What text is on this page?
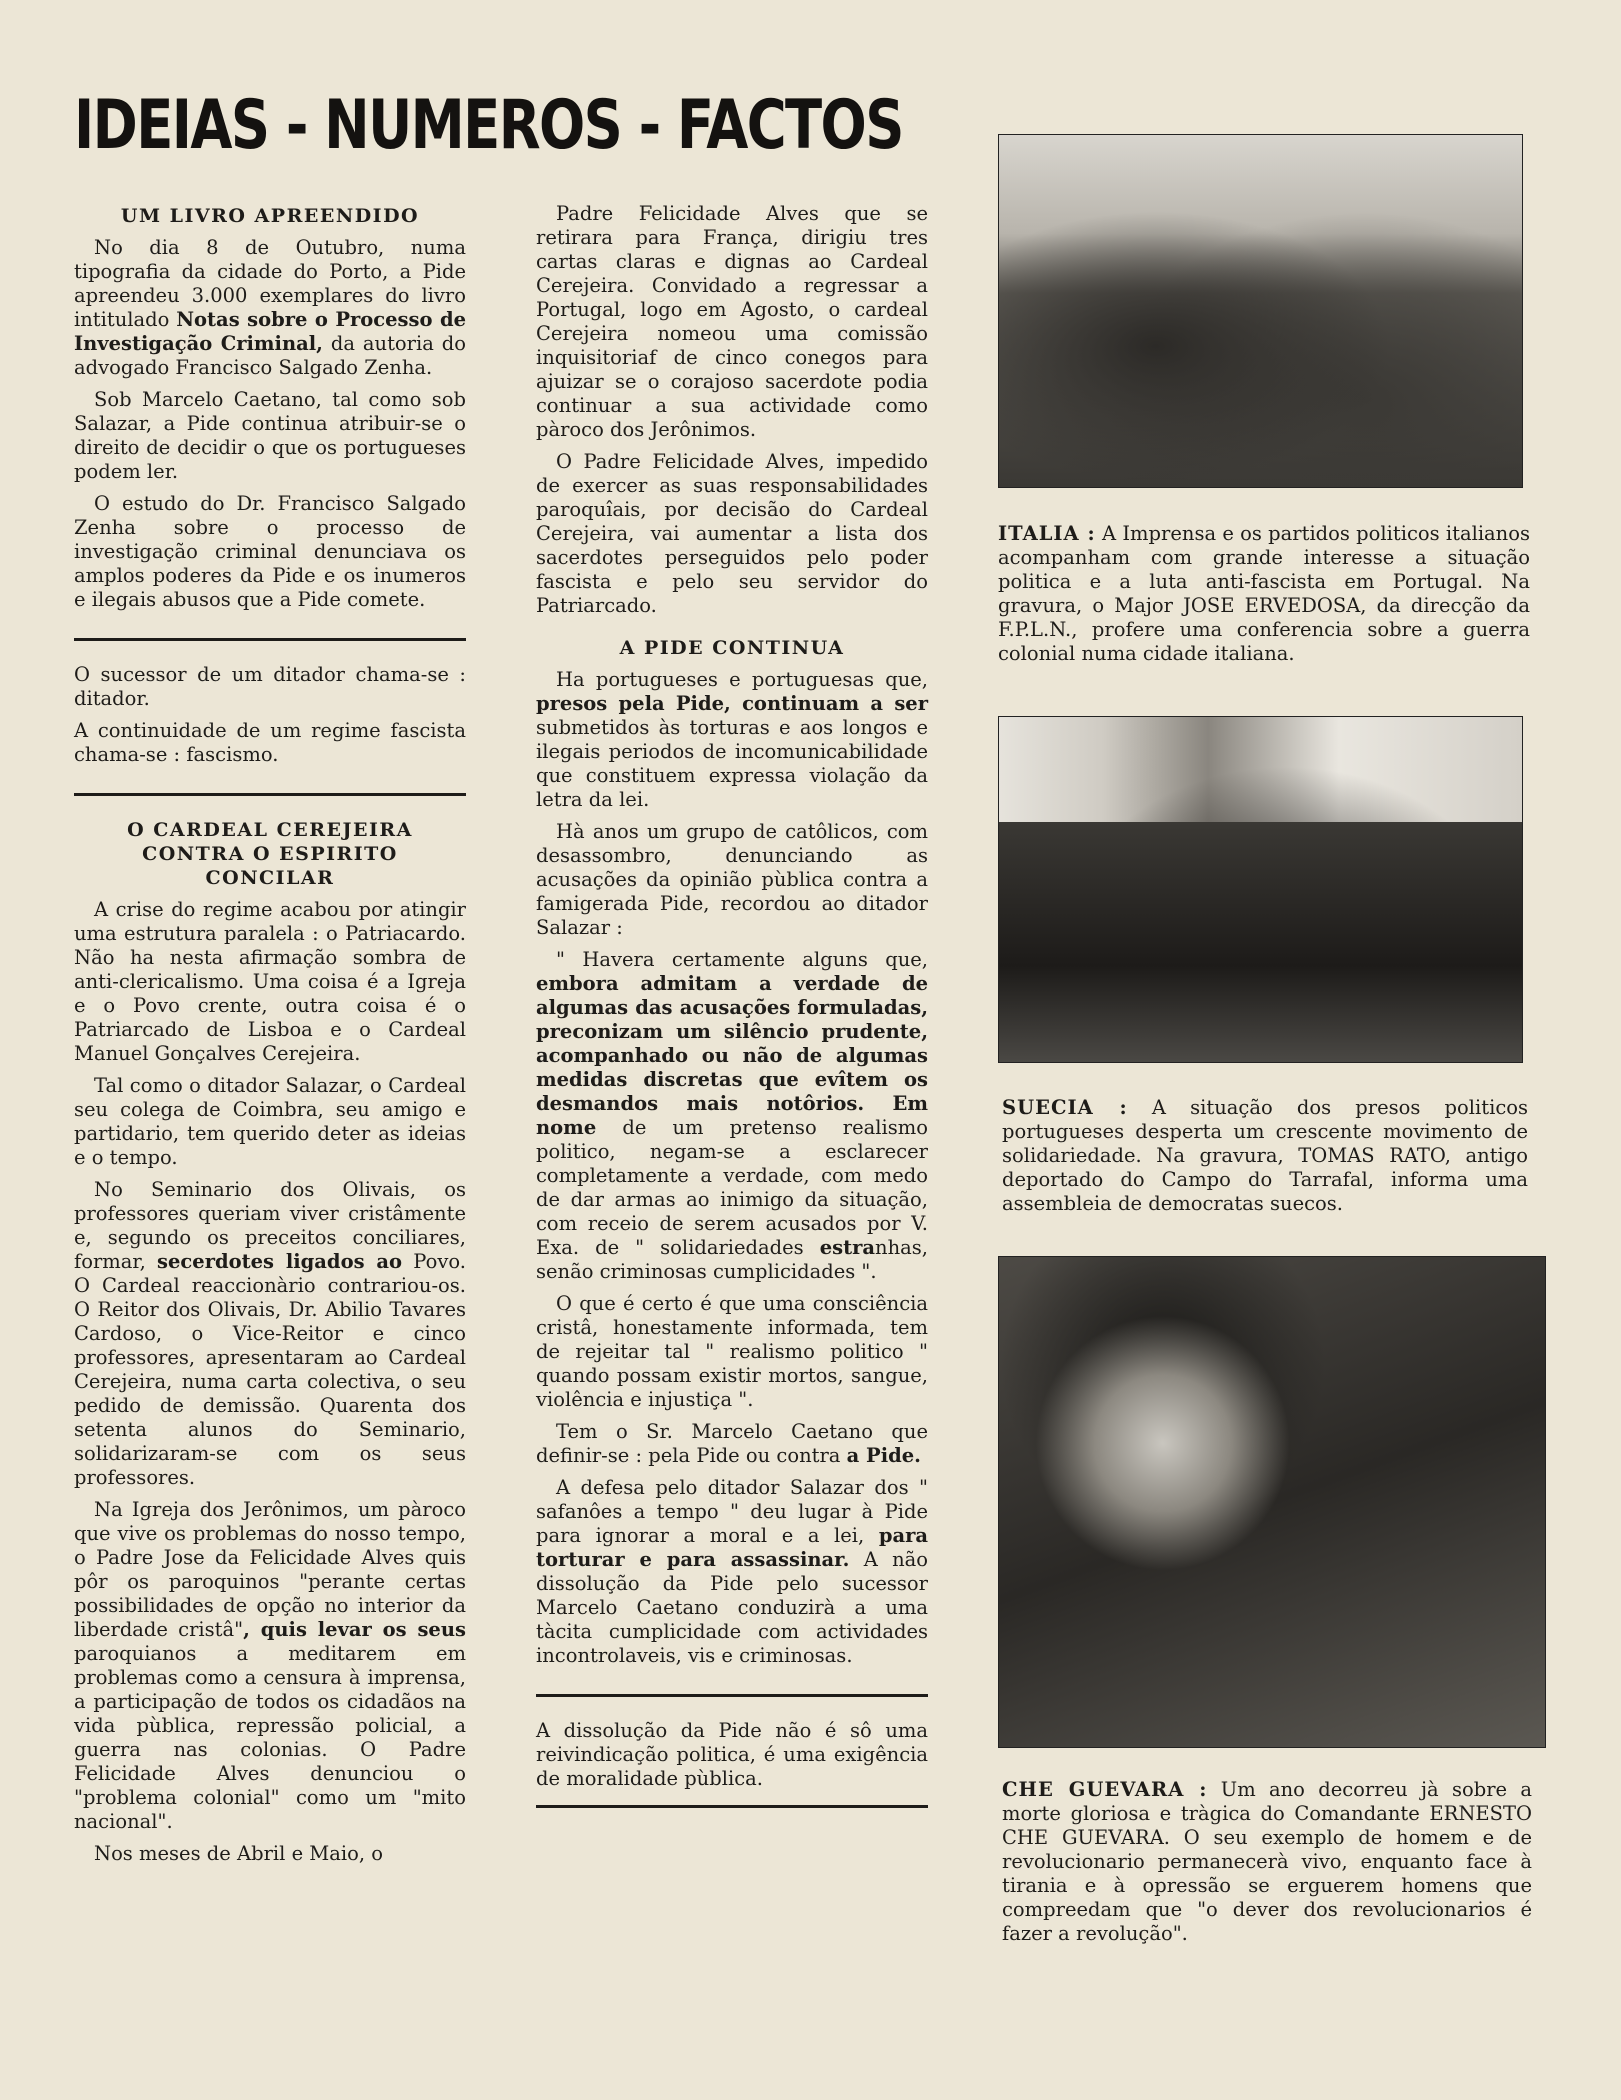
IDEIAS - NUMEROS - FACTOS
UM LIVRO APREENDIDO

No dia 8 de Outubro, numa tipografia da cidade do Porto, a Pide apreendeu 3.000 exemplares do livro intitulado Notas sobre o Processo de Investigação Criminal, da autoria do advogado Francisco Salgado Zenha.

Sob Marcelo Caetano, tal como sob Salazar, a Pide continua atribuir-se o direito de decidir o que os portugueses podem ler.

O estudo do Dr. Francisco Salgado Zenha sobre o processo de investigação criminal denunciava os amplos poderes da Pide e os inumeros e ilegais abusos que a Pide comete.

O sucessor de um ditador chama-se : ditador.

A continuidade de um regime fascista chama-se : fascismo.

O CARDEAL CEREJEIRA CONTRA O ESPIRITO CONCILAR

A crise do regime acabou por atingir uma estrutura paralela : o Patriacardo. Não ha nesta afirmação sombra de anti-clericalismo. Uma coisa é a Igreja e o Povo crente, outra coisa é o Patriarcado de Lisboa e o Cardeal Manuel Gonçalves Cerejeira.

Tal como o ditador Salazar, o Cardeal seu colega de Coimbra, seu amigo e partidario, tem querido deter as ideias e o tempo.

No Seminario dos Olivais, os professores queriam viver cristâmente e, segundo os preceitos conciliares, formar, secerdotes ligados ao Povo. O Cardeal reaccionàrio contrariou-os. O Reitor dos Olivais, Dr. Abilio Tavares Cardoso, o Vice-Reitor e cinco professores, apresentaram ao Cardeal Cerejeira, numa carta colectiva, o seu pedido de demissão. Quarenta dos setenta alunos do Seminario, solidarizaram-se com os seus professores.

Na Igreja dos Jerônimos, um pàroco que vive os problemas do nosso tempo, o Padre Jose da Felicidade Alves quis pôr os paroquinos "perante certas possibilidades de opção no interior da liberdade cristâ", quis levar os seus paroquianos a meditarem em problemas como a censura à imprensa, a participação de todos os cidadãos na vida pùblica, repressão policial, a guerra nas colonias. O Padre Felicidade Alves denunciou o "problema colonial" como um "mito nacional".

Nos meses de Abril e Maio, o

Padre Felicidade Alves que se retirara para França, dirigiu tres cartas claras e dignas ao Cardeal Cerejeira. Convidado a regressar a Portugal, logo em Agosto, o cardeal Cerejeira nomeou uma comissão inquisitoriaf de cinco conegos para ajuizar se o corajoso sacerdote podia continuar a sua actividade como pàroco dos Jerônimos.

O Padre Felicidade Alves, impedido de exercer as suas responsabilidades paroquîais, por decisão do Cardeal Cerejeira, vai aumentar a lista dos sacerdotes perseguidos pelo poder fascista e pelo seu servidor do Patriarcado.

A PIDE CONTINUA

Ha portugueses e portuguesas que, presos pela Pide, continuam a ser submetidos às torturas e aos longos e ilegais periodos de incomunicabilidade que constituem expressa violação da letra da lei.

Hà anos um grupo de catôlicos, com desassombro, denunciando as acusações da opinião pùblica contra a famigerada Pide, recordou ao ditador Salazar :

" Havera certamente alguns que, embora admitam a verdade de algumas das acusações formuladas, preconizam um silêncio prudente, acompanhado ou não de algumas medidas discretas que evîtem os desmandos mais notôrios. Em nome de um pretenso realismo politico, negam-se a esclarecer completamente a verdade, com medo de dar armas ao inimigo da situação, com receio de serem acusados por V. Exa. de " solidariedades estranhas, senão criminosas cumplicidades ".

O que é certo é que uma consciência cristâ, honestamente informada, tem de rejeitar tal " realismo politico " quando possam existir mortos, sangue, violência e injustiça ".

Tem o Sr. Marcelo Caetano que definir-se : pela Pide ou contra a Pide.

A defesa pelo ditador Salazar dos " safanôes a tempo " deu lugar à Pide para ignorar a moral e a lei, para torturar e para assassinar. A não dissolução da Pide pelo sucessor Marcelo Caetano conduzirà a uma tàcita cumplicidade com actividades incontrolaveis, vis e criminosas.

A dissolução da Pide não é sô uma reivindicação politica, é uma exigência de moralidade pùblica.

ITALIA : A Imprensa e os partidos politicos italianos acompanham com grande interesse a situação politica e a luta anti-fascista em Portugal. Na gravura, o Major JOSE ERVEDOSA, da direcção da F.P.L.N., profere uma conferencia sobre a guerra colonial numa cidade italiana.
SUECIA : A situação dos presos politicos portugueses desperta um crescente movimento de solidariedade. Na gravura, TOMAS RATO, antigo deportado do Campo do Tarrafal, informa uma assembleia de democratas suecos.
CHE GUEVARA : Um ano decorreu jà sobre a morte gloriosa e tràgica do Comandante ERNESTO CHE GUEVARA. O seu exemplo de homem e de revolucionario permanecerà vivo, enquanto face à tirania e à opressão se erguerem homens que compreedam que "o dever dos revolucionarios é fazer a revolução".
